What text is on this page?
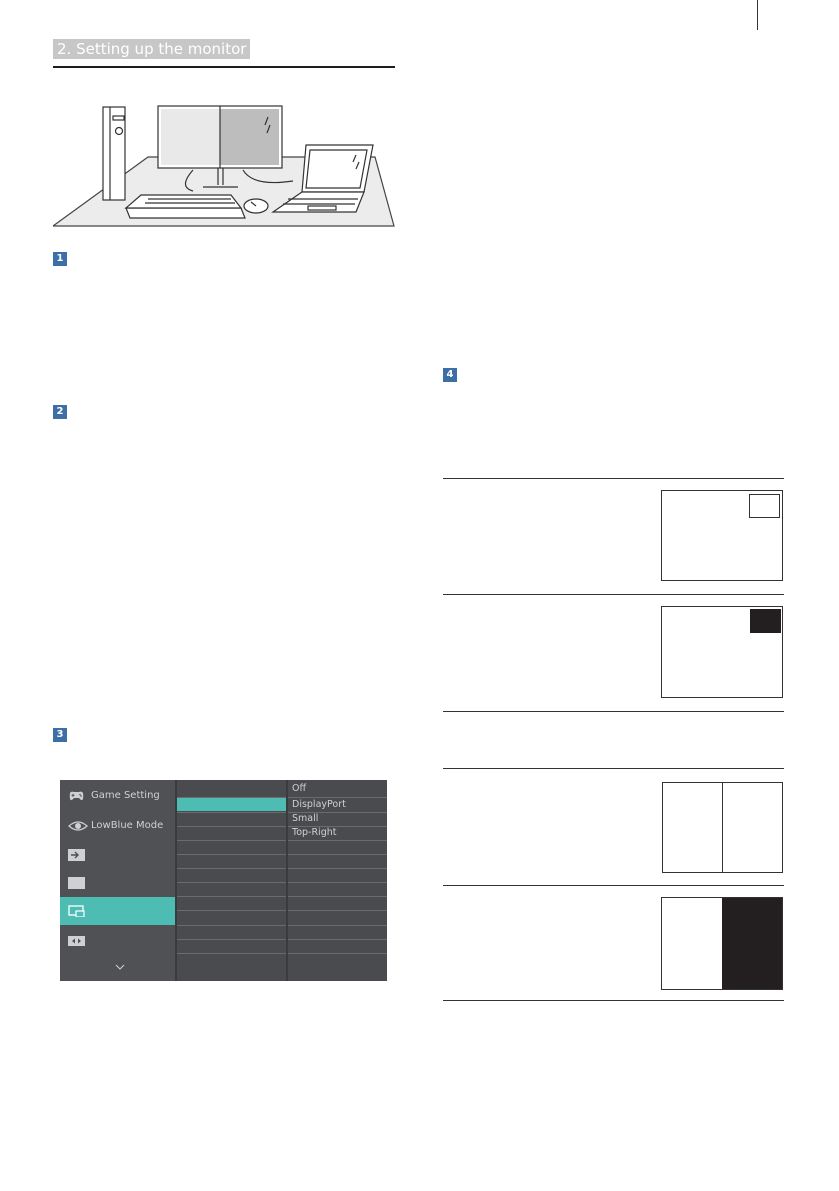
2. Setting up the monitor
1
2
3
4
Game Setting
LowBlue Mode
Off
DisplayPort
Small
Top-Right
